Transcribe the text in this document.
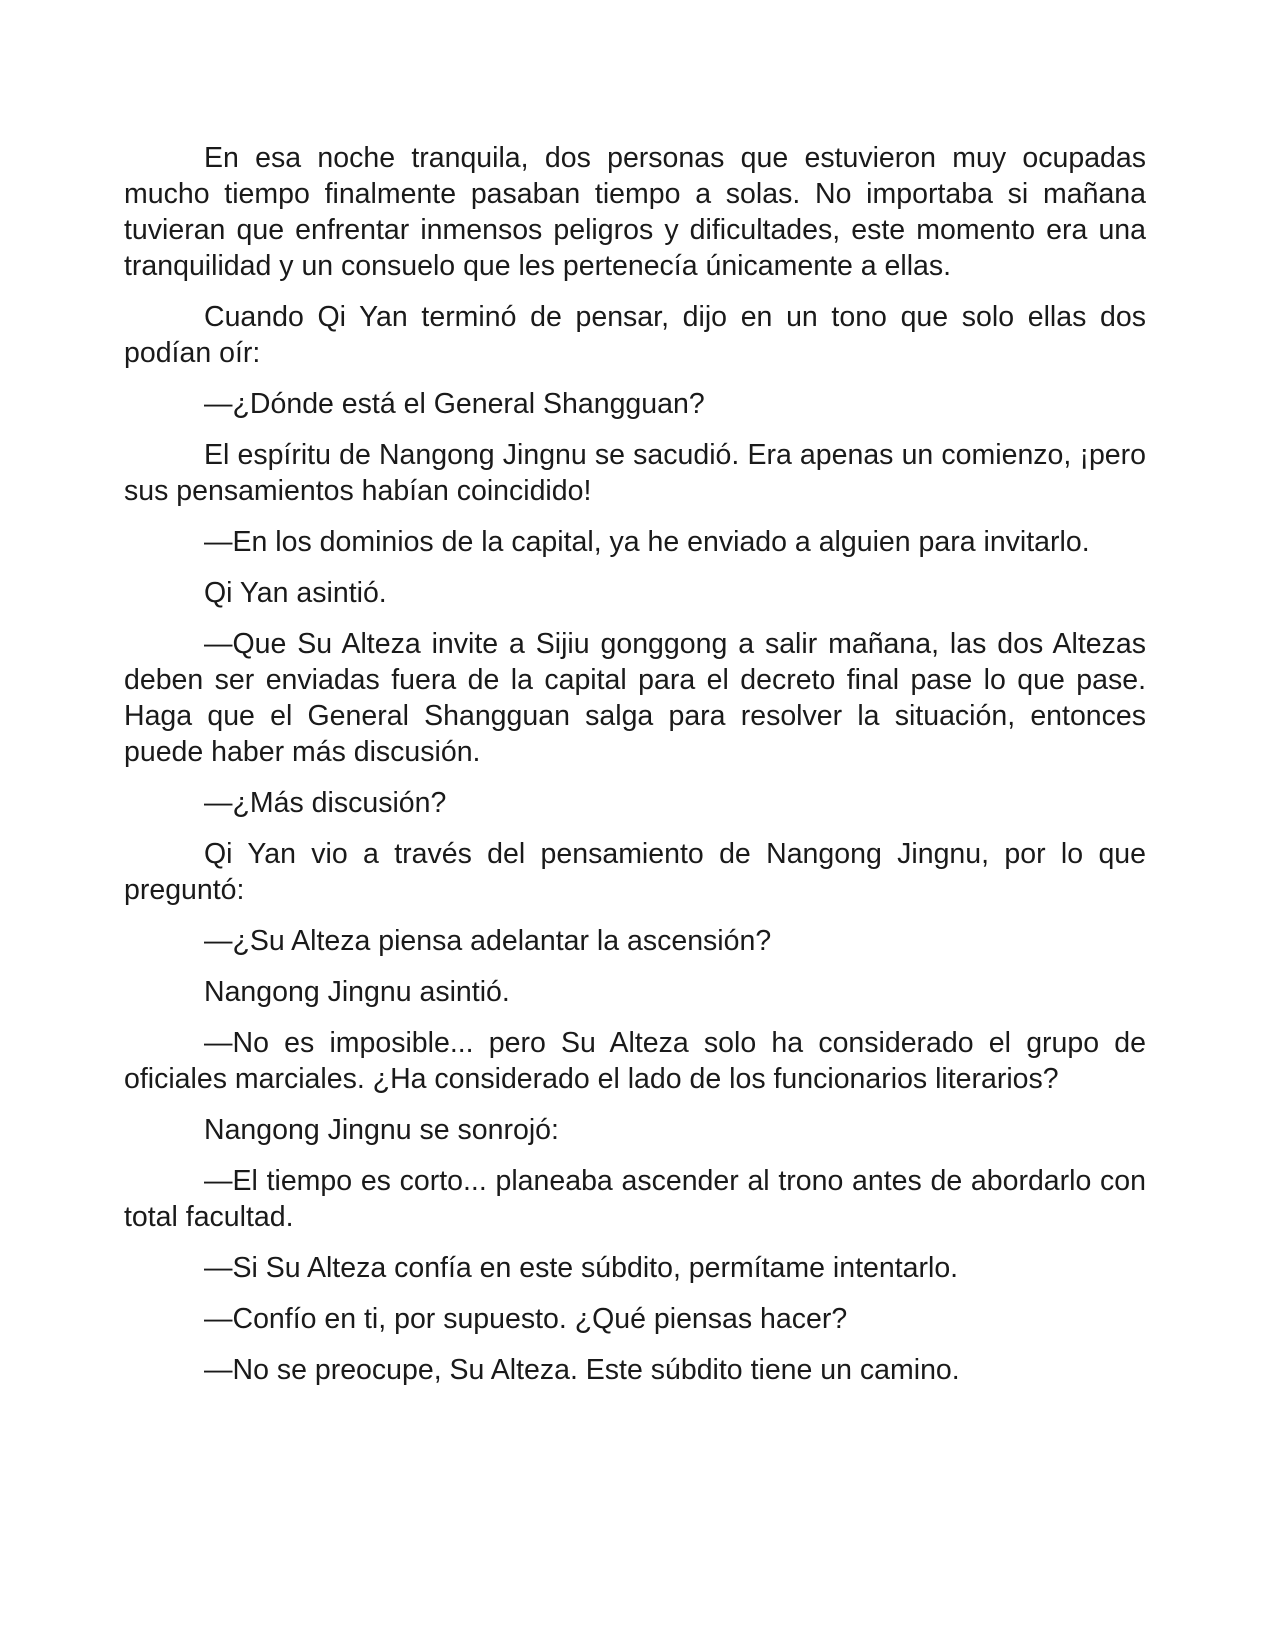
En esa noche tranquila, dos personas que estuvieron muy ocupadas mucho tiempo finalmente pasaban tiempo a solas. No importaba si mañana tuvieran que enfrentar inmensos peligros y dificultades, este momento era una tranquilidad y un consuelo que les pertenecía únicamente a ellas.

Cuando Qi Yan terminó de pensar, dijo en un tono que solo ellas dos podían oír:

—¿Dónde está el General Shangguan?

El espíritu de Nangong Jingnu se sacudió. Era apenas un comienzo, ¡pero sus pensamientos habían coincidido!

—En los dominios de la capital, ya he enviado a alguien para invitarlo.

Qi Yan asintió.

—Que Su Alteza invite a Sijiu gonggong a salir mañana, las dos Altezas deben ser enviadas fuera de la capital para el decreto final pase lo que pase. Haga que el General Shangguan salga para resolver la situación, entonces puede haber más discusión.

—¿Más discusión?

Qi Yan vio a través del pensamiento de Nangong Jingnu, por lo que preguntó:

—¿Su Alteza piensa adelantar la ascensión?

Nangong Jingnu asintió.

—No es imposible... pero Su Alteza solo ha considerado el grupo de oficiales marciales. ¿Ha considerado el lado de los funcionarios literarios?

Nangong Jingnu se sonrojó:

—El tiempo es corto... planeaba ascender al trono antes de abordarlo con total facultad.

—Si Su Alteza confía en este súbdito, permítame intentarlo.

—Confío en ti, por supuesto. ¿Qué piensas hacer?

—No se preocupe, Su Alteza. Este súbdito tiene un camino.
